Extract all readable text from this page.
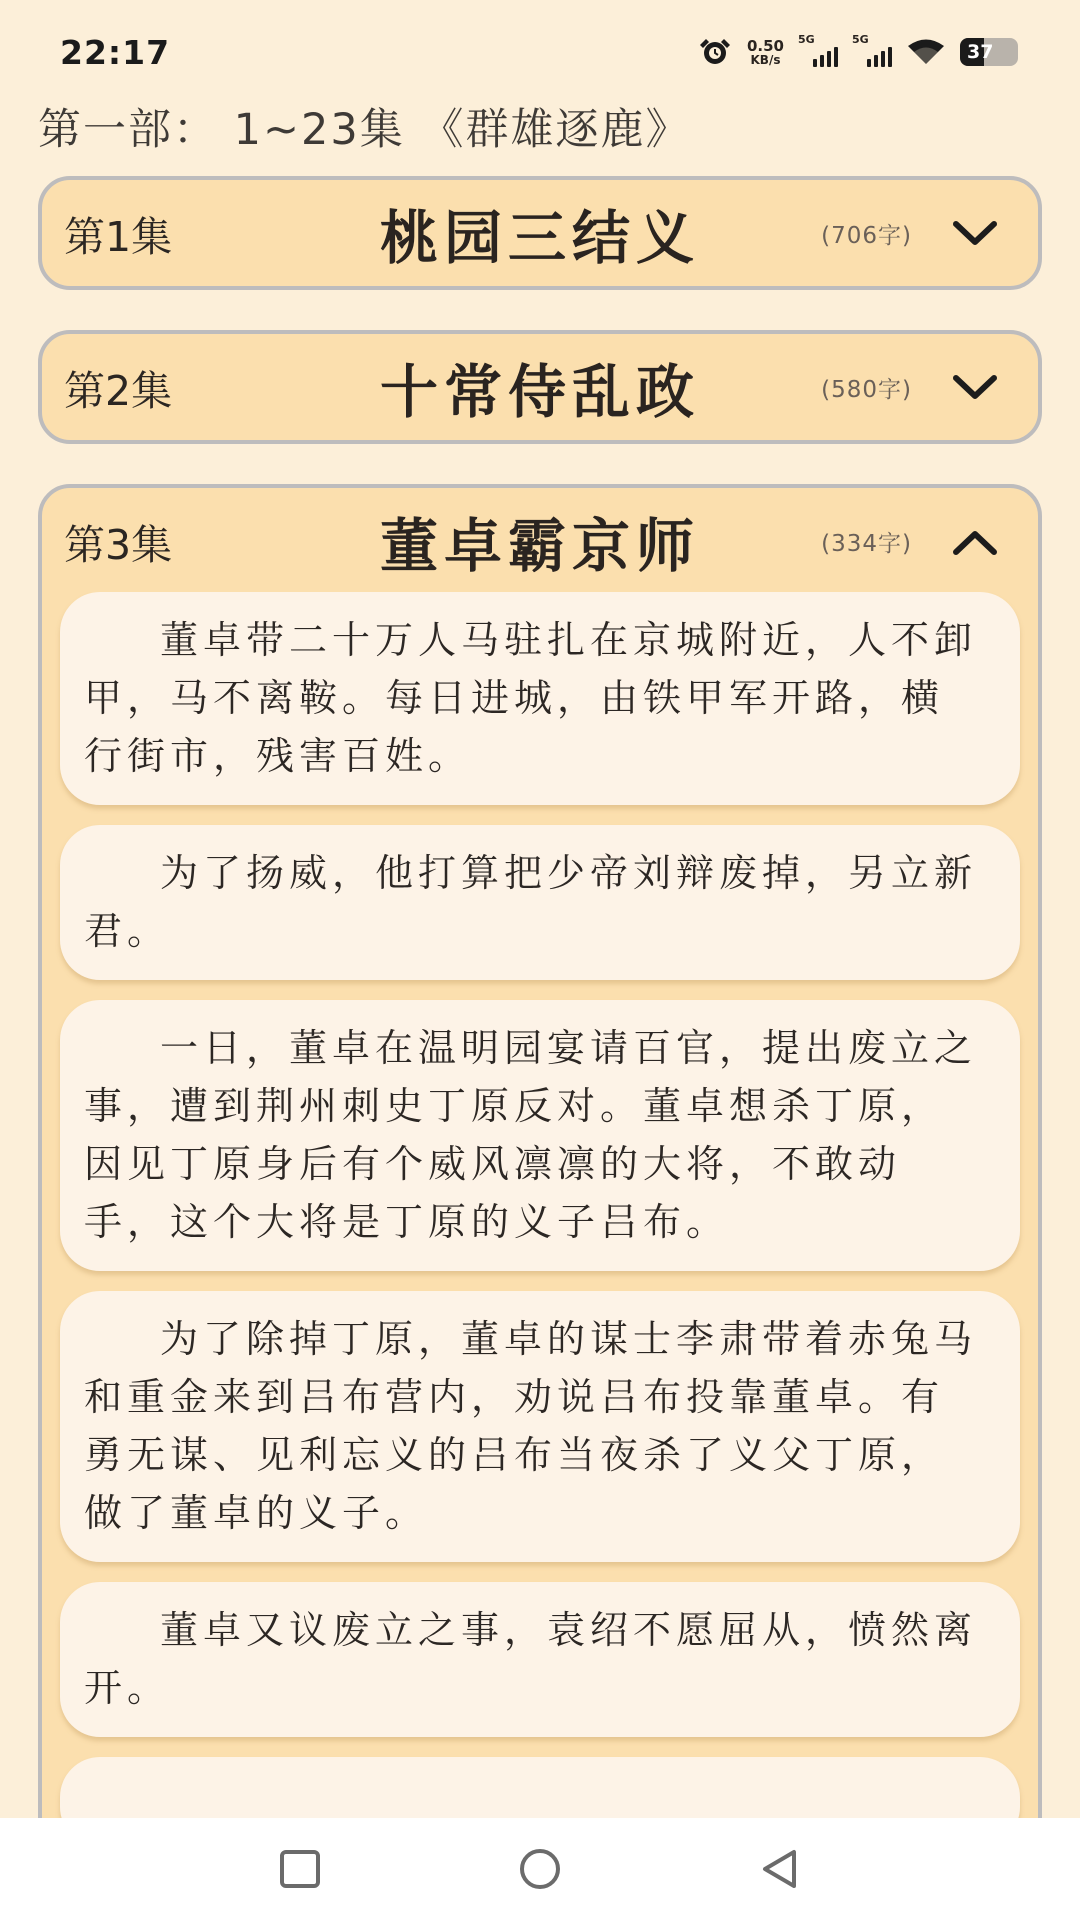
22:17	0.50
KB/s
5G	5G
37
第一部： 1~23集 《群雄逐鹿》
第1集	桃园三结义	(706字)
第2集	十常侍乱政	(580字)
第3集	董卓霸京师	(334字)
董卓带二十万人马驻扎在京城附近，人不卸甲，马不离鞍。每日进城，由铁甲军开路，横行街市，残害百姓。
为了扬威，他打算把少帝刘辩废掉，另立新君。
一日，董卓在温明园宴请百官，提出废立之事，遭到荆州刺史丁原反对。董卓想杀丁原，因见丁原身后有个威风凛凛的大将，不敢动手，这个大将是丁原的义子吕布。
为了除掉丁原，董卓的谋士李肃带着赤兔马和重金来到吕布营内，劝说吕布投靠董卓。有勇无谋、见利忘义的吕布当夜杀了义父丁原，做了董卓的义子。
董卓又议废立之事，袁绍不愿屈从，愤然离开。
